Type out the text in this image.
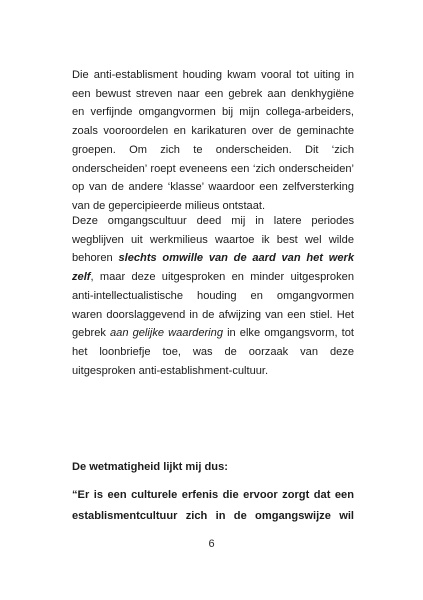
Die anti-establisment houding kwam vooral tot uiting in een bewust streven naar een gebrek aan denkhygiëne en verfijnde omgangvormen bij mijn collega-arbeiders, zoals vooroordelen en karikaturen over de geminachte groepen. Om zich te onderscheiden. Dit ‘zich onderscheiden’ roept eveneens een ‘zich onderscheiden’ op van de andere ‘klasse’ waardoor een zelfversterking van de gepercipieerde milieus ontstaat.

Deze omgangscultuur deed mij in latere periodes wegblijven uit werkmilieus waartoe ik best wel wilde behoren slechts omwille van de aard van het werk zelf, maar deze uitgesproken en minder uitgesproken anti-intellectualistische houding en omgangvormen waren doorslaggevend in de afwijzing van een stiel. Het gebrek aan gelijke waardering in elke omgangsvorm, tot het loonbriefje toe, was de oorzaak van deze uitgesproken anti-establishment-cultuur.

De wetmatigheid lijkt mij dus:

“Er is een culturele erfenis die ervoor zorgt dat een establismentcultuur zich in de omgangswijze wil

6
